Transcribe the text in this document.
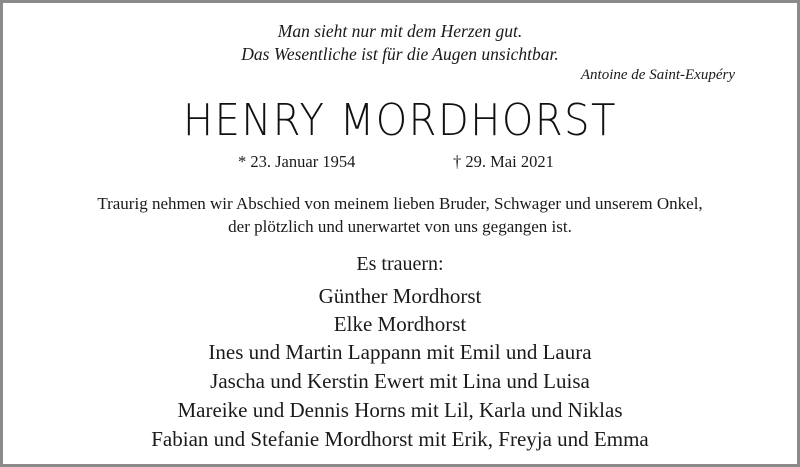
Man sieht nur mit dem Herzen gut.
Das Wesentliche ist für die Augen unsichtbar.
Antoine de Saint-Exupéry
HENRY MORDHORST
* 23. Januar 1954	† 29. Mai 2021
Traurig nehmen wir Abschied von meinem lieben Bruder, Schwager und unserem Onkel,
der plötzlich und unerwartet von uns gegangen ist.
Es trauern:
Günther Mordhorst
Elke Mordhorst
Ines und Martin Lappann mit Emil und Laura
Jascha und Kerstin Ewert mit Lina und Luisa
Mareike und Dennis Horns mit Lil, Karla und Niklas
Fabian und Stefanie Mordhorst mit Erik, Freyja und Emma
